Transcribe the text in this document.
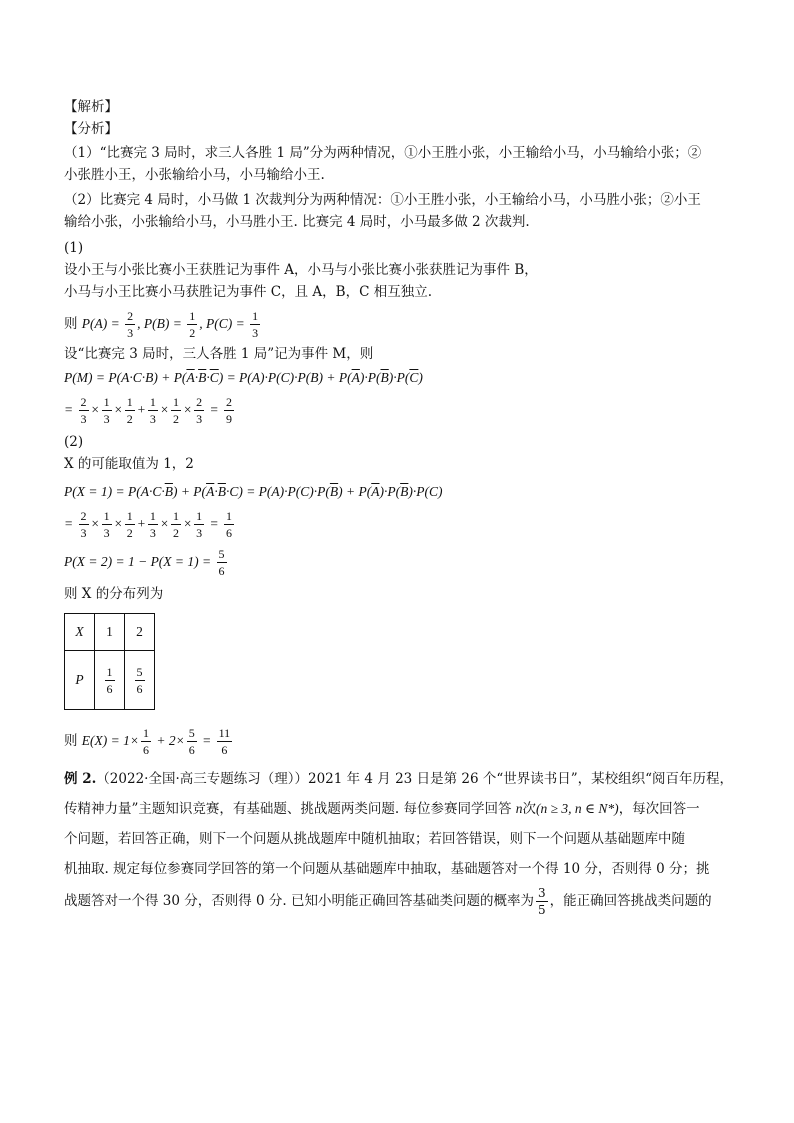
【解析】
【分析】
（1）“比赛完 3 局时，求三人各胜 1 局”分为两种情况，①小王胜小张，小王输给小马，小马输给小张；②
小张胜小王，小张输给小马，小马输给小王.
（2）比赛完 4 局时，小马做 1 次裁判分为两种情况：①小王胜小张，小王输给小马，小马胜小张；②小王
输给小张，小张输给小马，小马胜小王. 比赛完 4 局时，小马最多做 2 次裁判.
(1)
设小王与小张比赛小王获胜记为事件 A，小马与小张比赛小张获胜记为事件 B，
小马与小王比赛小马获胜记为事件 C，且 A，B，C 相互独立.
则 $P(A) = \frac{2}{3}$ , $P(B) = \frac{1}{2}$ , $P(C) = \frac{1}{3}$
设“比赛完 3 局时，三人各胜 1 局”记为事件 M，则
$P(M) = P(A\cdot C\cdot B) + P(\overline{A}\cdot\overline{B}\cdot\overline{C}) = P(A)\cdot P(C)\cdot P(B) + P(\overline{A})\cdot P(\overline{B})\cdot P(\overline{C})$
= $\frac{2}{3} \times \frac{1}{3} \times \frac{1}{2} + \frac{1}{3} \times \frac{1}{2} \times \frac{2}{3} = \frac{2}{9}$
(2)
X 的可能取值为 1，2
$P(X = 1) = P(A\cdot C\cdot\overline{B}) + P(\overline{A}\cdot\overline{B}\cdot C) = P(A)\cdot P(C)\cdot P(\overline{B}) + P(\overline{A})\cdot P(\overline{B})\cdot P(C)$
= $\frac{2}{3} \times \frac{1}{3} \times \frac{1}{2} + \frac{1}{3} \times \frac{1}{2} \times \frac{1}{3} = \frac{1}{6}$
$P(X = 2) = 1 - P(X = 1) = \frac{5}{6}$
则 X 的分布列为
X	1	2
P	$\frac{1}{6}$	$\frac{5}{6}$
则 $E(X) = 1\times \frac{1}{6} + 2\times \frac{5}{6} = \frac{11}{6}$
例 2.（2022·全国·高三专题练习（理））2021 年 4 月 23 日是第 26 个“世界读书日”，某校组织“阅百年历程，
传精神力量”主题知识竞赛，有基础题、挑战题两类问题. 每位参赛同学回答 n次(n ≥ 3, n ∈ N*)，每次回答一
个问题，若回答正确，则下一个问题从挑战题库中随机抽取；若回答错误，则下一个问题从基础题库中随
机抽取. 规定每位参赛同学回答的第一个问题从基础题库中抽取，基础题答对一个得 10 分，否则得 0 分；挑
战题答对一个得 30 分，否则得 0 分. 已知小明能正确回答基础类问题的概率为 $\frac{3}{5}$ ，能正确回答挑战类问题的
